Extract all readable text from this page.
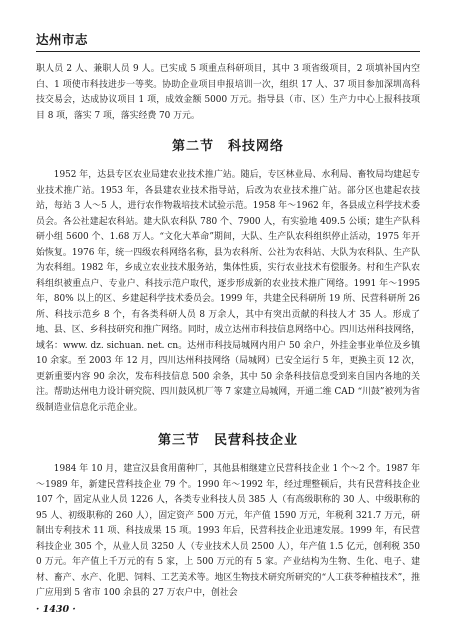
达州市志

职人员 2 人、兼职人员 9 人。已实成 5 项重点科研项目，其中 3 项省级项目，2 项填补国内空白、1 项使市科技进步一等奖。协助企业项目申报培训一次，组织 17 人、37 项目参加深圳高科技交易会，达成协议项目 1 项，成效金额 5000 万元。指导县（市、区）生产力中心上报科技项目 8 项，落实 7 项，落实经费 70 万元。

第二节 科技网络

1952 年，达县专区农业局建农业技术推广站。随后，专区林业局、水利局、畜牧局均建起专业技术推广站。1953 年，各县建农业技术指导站，后改为农业技术推广站。部分区也建起农技站，每站 3 人～5 人，进行农作物栽培技术试验示范。1958 年～1962 年，各县成立科学技术委员会。各公社建起农科站。建大队农科队 780 个、7900 人，有实验地 409.5 公顷；建生产队科研小组 5600 个、1.68 万人。“文化大革命”期间，大队、生产队农科组织停止活动，1975 年开始恢复。1976 年，统一四级农科网络名称，县为农科所、公社为农科站、大队为农科队、生产队为农科组。1982 年，乡成立农业技术服务站，集体性质，实行农业技术有偿服务。村和生产队农科组织被重点户、专业户、科技示范户取代，逐步形成新的农业技术推广网络。1991 年～1995 年，80% 以上的区、乡建起科学技术委员会。1999 年，共建全民科研所 19 所、民营科研所 26 所、科技示范乡 8 个，有各类科研人员 8 万余人，其中有突出贡献的科技人才 35 人。形成了地、县、区、乡科技研究和推广网络。同时，成立达州市科技信息网络中心。四川达州科技网络，域名：www. dz. sichuan. net. cn。达州市科技局城网内用户 50 余户，外挂金事业单位及乡镇 10 余家。至 2003 年 12 月，四川达州科技网络（局城网）已安全运行 5 年，更换主页 12 次，更新重要内容 90 余次，发布科技信息 500 余条，其中 50 余条科技信息受到来自国内各地的关注。帮助达州电力设计研究院、四川鼓风机厂等 7 家建立局城网，开通二维 CAD “川鼓”被列为省级制造业信息化示范企业。

第三节 民营科技企业

1984 年 10 月，建宣汉县食用菌种厂，其他县相继建立民营科技企业 1 个～2 个。1987 年～1989 年，新建民营科技企业 79 个。1990 年～1992 年，经过理整顿后，共有民营科技企业 107 个，固定从业人员 1226 人，各类专业科技人员 385 人（有高级职称的 30 人、中级职称的 95 人、初级职称的 260 人），固定资产 500 万元，年产值 1590 万元，年税利 321.7 万元，研制出专利技术 11 项、科技成果 15 项。1993 年后，民营科技企业迅速发展。1999 年，有民营科技企业 305 个，从业人员 3250 人（专业技术人员 2500 人），年产值 1.5 亿元，创利税 3500 万元。年产值上千万元的有 5 家，上 500 万元的有 5 家。产业结构为生物、生化、电子、建材、畜产、水产、化肥、饲料、工艺美术等。地区生物技术研究所研究的“人工获苓种植技术”，推广应用到 5 省市 100 余县的 27 万农户中，创社会

· 1430 ·
